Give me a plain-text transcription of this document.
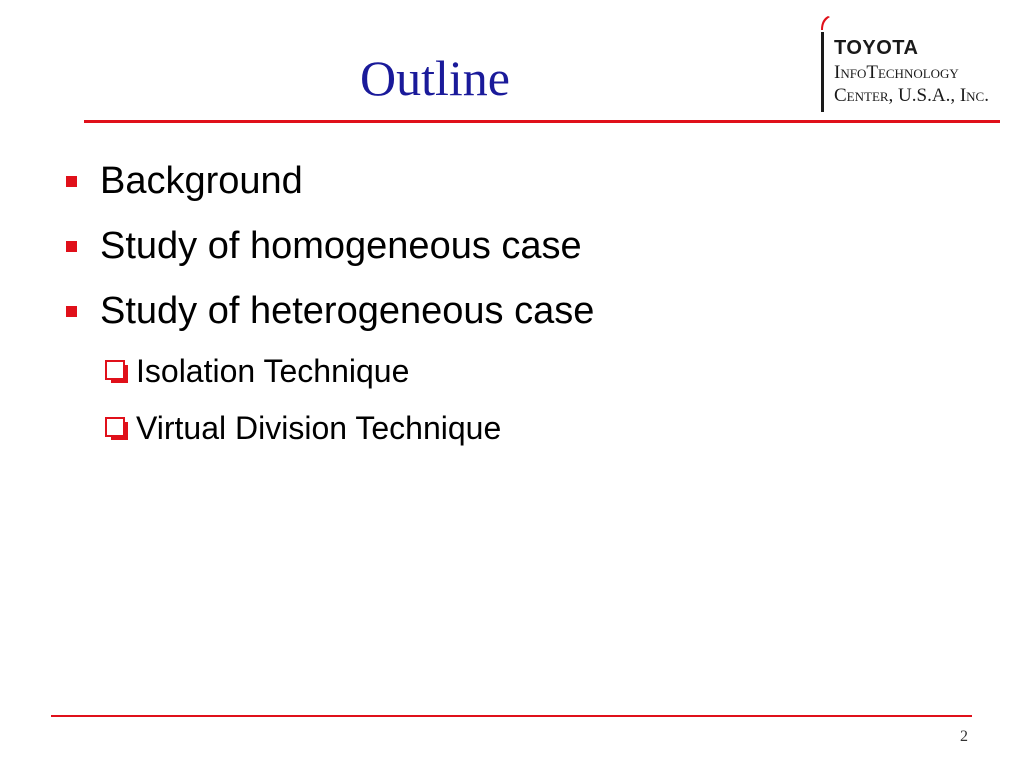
Outline
TOYOTA
InfoTechnology
Center, U.S.A., Inc.
Background
Study of homogeneous case
Study of heterogeneous case
Isolation Technique
Virtual Division Technique
2
